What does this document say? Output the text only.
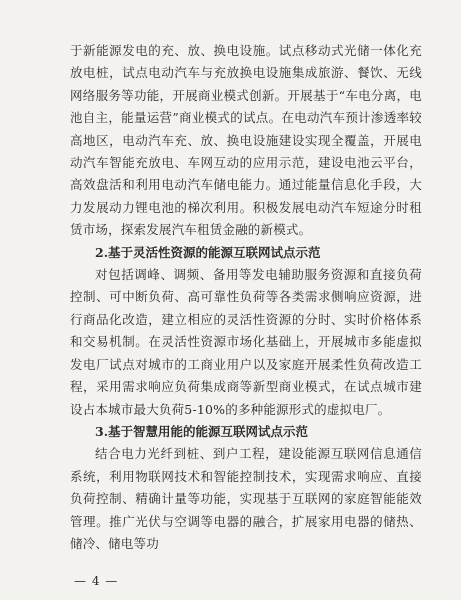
于新能源发电的充、放、换电设施。试点移动式光储一体化充放电桩，试点电动汽车与充放换电设施集成旅游、餐饮、无线网络服务等功能，开展商业模式创新。开展基于“车电分离，电池自主，能量运营”商业模式的试点。在电动汽车预计渗透率较高地区，电动汽车充、放、换电设施建设实现全覆盖，开展电动汽车智能充放电、车网互动的应用示范，建设电池云平台，高效盘活和利用电动汽车储电能力。通过能量信息化手段，大力发展动力锂电池的梯次利用。积极发展电动汽车短途分时租赁市场，探索发展汽车租赁金融的新模式。

2.基于灵活性资源的能源互联网试点示范

对包括调峰、调频、备用等发电辅助服务资源和直接负荷控制、可中断负荷、高可靠性负荷等各类需求侧响应资源，进行商品化改造，建立相应的灵活性资源的分时、实时价格体系和交易机制。在灵活性资源市场化基础上，开展城市多能虚拟发电厂试点对城市的工商业用户以及家庭开展柔性负荷改造工程，采用需求响应负荷集成商等新型商业模式，在试点城市建设占本城市最大负荷5-10%的多种能源形式的虚拟电厂。

3.基于智慧用能的能源互联网试点示范

结合电力光纤到桩、到户工程，建设能源互联网信息通信系统，利用物联网技术和智能控制技术，实现需求响应、直接负荷控制、精确计量等功能，实现基于互联网的家庭智能能效管理。推广光伏与空调等电器的融合，扩展家用电器的储热、储冷、储电等功

— 4 —
